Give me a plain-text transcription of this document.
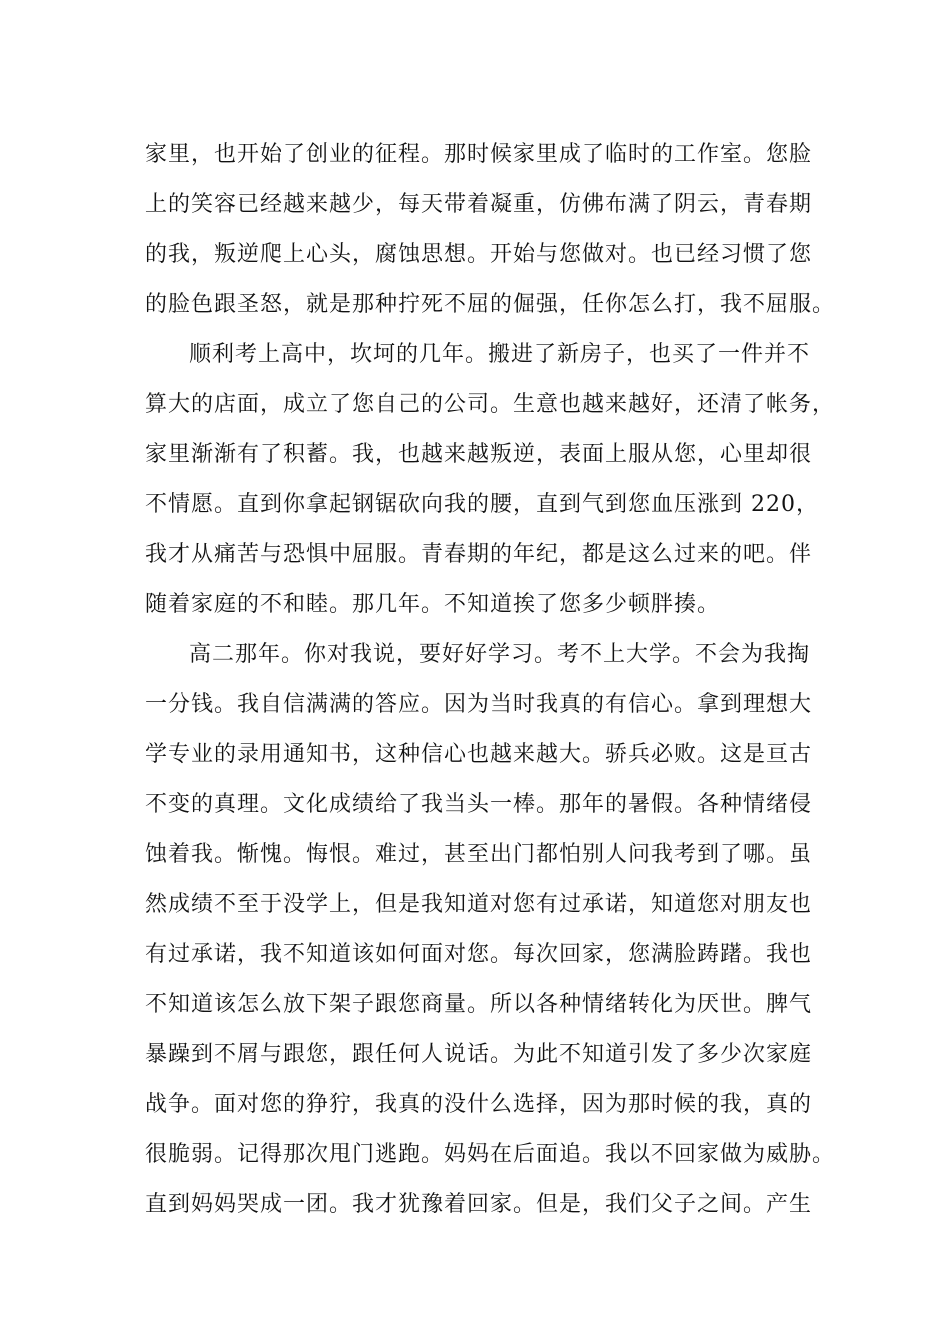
家里，也开始了创业的征程。那时候家里成了临时的工作室。您脸
上的笑容已经越来越少，每天带着凝重，仿佛布满了阴云，青春期
的我，叛逆爬上心头，腐蚀思想。开始与您做对。也已经习惯了您
的脸色跟圣怒，就是那种拧死不屈的倔强，任你怎么打，我不屈服。
顺利考上高中，坎坷的几年。搬进了新房子，也买了一件并不
算大的店面，成立了您自己的公司。生意也越来越好，还清了帐务，
家里渐渐有了积蓄。我，也越来越叛逆，表面上服从您，心里却很
不情愿。直到你拿起钢锯砍向我的腰，直到气到您血压涨到 220，
我才从痛苦与恐惧中屈服。青春期的年纪，都是这么过来的吧。伴
随着家庭的不和睦。那几年。不知道挨了您多少顿胖揍。
高二那年。你对我说，要好好学习。考不上大学。不会为我掏
一分钱。我自信满满的答应。因为当时我真的有信心。拿到理想大
学专业的录用通知书，这种信心也越来越大。骄兵必败。这是亘古
不变的真理。文化成绩给了我当头一棒。那年的暑假。各种情绪侵
蚀着我。惭愧。悔恨。难过，甚至出门都怕别人问我考到了哪。虽
然成绩不至于没学上，但是我知道对您有过承诺，知道您对朋友也
有过承诺，我不知道该如何面对您。每次回家，您满脸踌躇。我也
不知道该怎么放下架子跟您商量。所以各种情绪转化为厌世。脾气
暴躁到不屑与跟您，跟任何人说话。为此不知道引发了多少次家庭
战争。面对您的狰狞，我真的没什么选择，因为那时候的我，真的
很脆弱。记得那次甩门逃跑。妈妈在后面追。我以不回家做为威胁。
直到妈妈哭成一团。我才犹豫着回家。但是，我们父子之间。产生
